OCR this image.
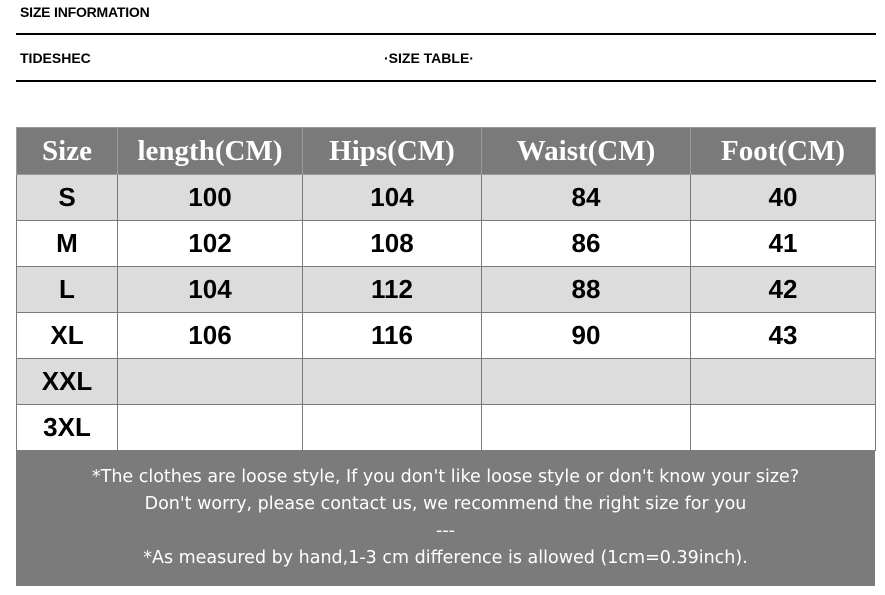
SIZE INFORMATION
TIDESHEC	·SIZE TABLE·
Size	length(CM)	Hips(CM)	Waist(CM)	Foot(CM)
S	100	104	84	40
M	102	108	86	41
L	104	112	88	42
XL	106	116	90	43
XXL				
3XL				
*The clothes are loose style, If you don't like loose style or don't know your size?
Don't worry, please contact us, we recommend the right size for you
---
*As measured by hand,1-3 cm difference is allowed (1cm=0.39inch).
